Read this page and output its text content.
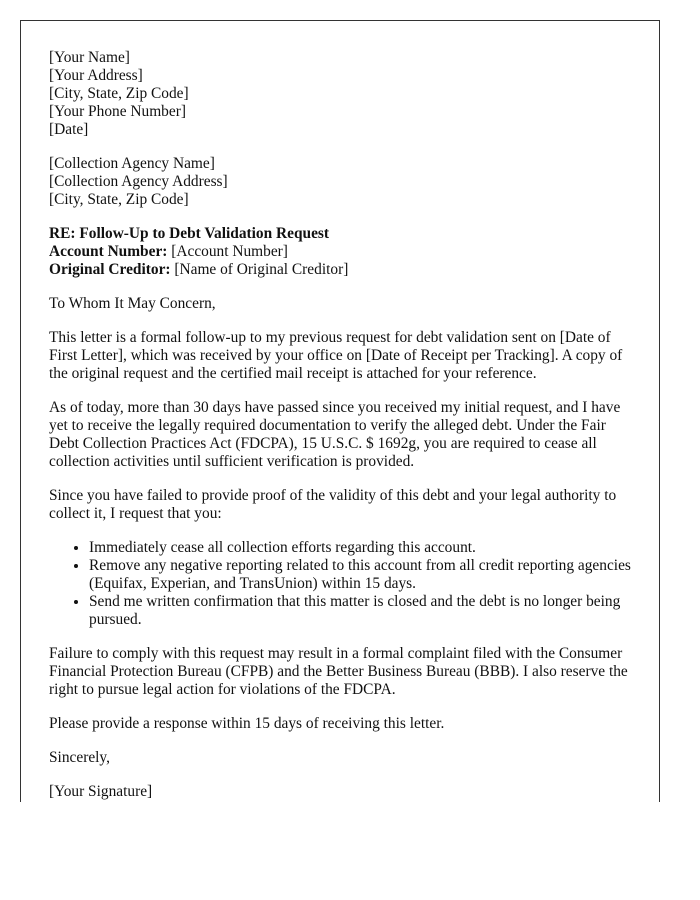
[Your Name]
[Your Address]
[City, State, Zip Code]
[Your Phone Number]
[Date]
[Collection Agency Name]
[Collection Agency Address]
[City, State, Zip Code]
RE: Follow-Up to Debt Validation Request
Account Number: [Account Number]
Original Creditor: [Name of Original Creditor]

To Whom It May Concern,

This letter is a formal follow-up to my previous request for debt validation sent on [Date of First Letter], which was received by your office on [Date of Receipt per Tracking]. A copy of the original request and the certified mail receipt is attached for your reference.

As of today, more than 30 days have passed since you received my initial request, and I have yet to receive the legally required documentation to verify the alleged debt. Under the Fair Debt Collection Practices Act (FDCPA), 15 U.S.C. $ 1692g, you are required to cease all collection activities until sufficient verification is provided.

Since you have failed to provide proof of the validity of this debt and your legal authority to collect it, I request that you:

• Immediately cease all collection efforts regarding this account.
• Remove any negative reporting related to this account from all credit reporting agencies (Equifax, Experian, and TransUnion) within 15 days.
• Send me written confirmation that this matter is closed and the debt is no longer being pursued.

Failure to comply with this request may result in a formal complaint filed with the Consumer Financial Protection Bureau (CFPB) and the Better Business Bureau (BBB). I also reserve the right to pursue legal action for violations of the FDCPA.

Please provide a response within 15 days of receiving this letter.

Sincerely,

[Your Signature]
